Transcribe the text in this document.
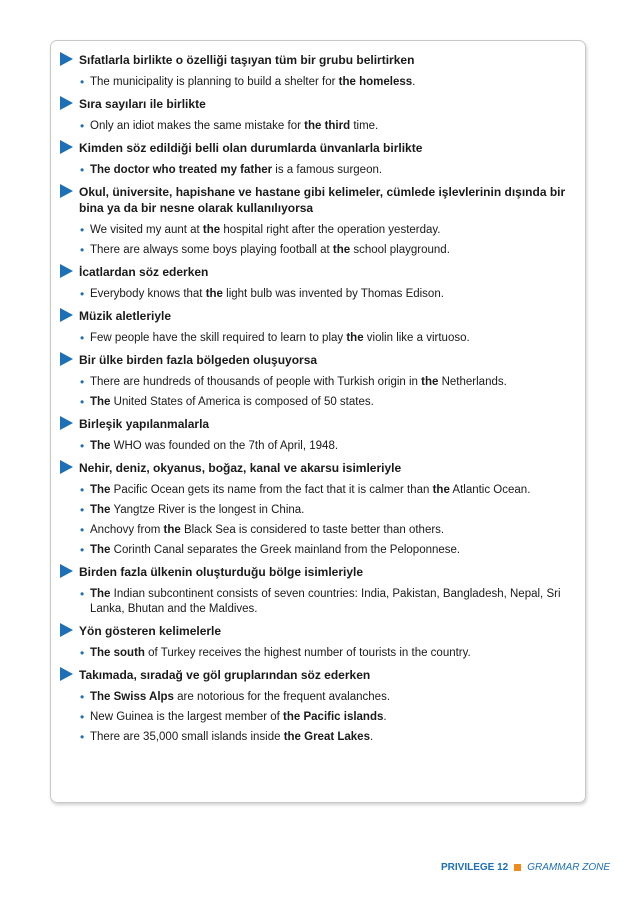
Sıfatlarla birlikte o özelliği taşıyan tüm bir grubu belirtirken
• The municipality is planning to build a shelter for the homeless.
Sıra sayıları ile birlikte
• Only an idiot makes the same mistake for the third time.
Kimden söz edildiği belli olan durumlarda ünvanlarla birlikte
• The doctor who treated my father is a famous surgeon.
Okul, üniversite, hapishane ve hastane gibi kelimeler, cümlede işlevlerinin dışında bir bina ya da bir nesne olarak kullanılıyorsa
• We visited my aunt at the hospital right after the operation yesterday.
• There are always some boys playing football at the school playground.
İcatlardan söz ederken
• Everybody knows that the light bulb was invented by Thomas Edison.
Müzik aletleriyle
• Few people have the skill required to learn to play the violin like a virtuoso.
Bir ülke birden fazla bölgeden oluşuyorsa
• There are hundreds of thousands of people with Turkish origin in the Netherlands.
• The United States of America is composed of 50 states.
Birleşik yapılanmalarla
• The WHO was founded on the 7th of April, 1948.
Nehir, deniz, okyanus, boğaz, kanal ve akarsu isimleriyle
• The Pacific Ocean gets its name from the fact that it is calmer than the Atlantic Ocean.
• The Yangtze River is the longest in China.
• Anchovy from the Black Sea is considered to taste better than others.
• The Corinth Canal separates the Greek mainland from the Peloponnese.
Birden fazla ülkenin oluşturduğu bölge isimleriyle
• The Indian subcontinent consists of seven countries: India, Pakistan, Bangladesh, Nepal, Sri Lanka, Bhutan and the Maldives.
Yön gösteren kelimelerle
• The south of Turkey receives the highest number of tourists in the country.
Takımada, sıradağ ve göl gruplarından söz ederken
• The Swiss Alps are notorious for the frequent avalanches.
• New Guinea is the largest member of the Pacific islands.
• There are 35,000 small islands inside the Great Lakes.
PRIVILEGE 12 GRAMMAR ZONE
